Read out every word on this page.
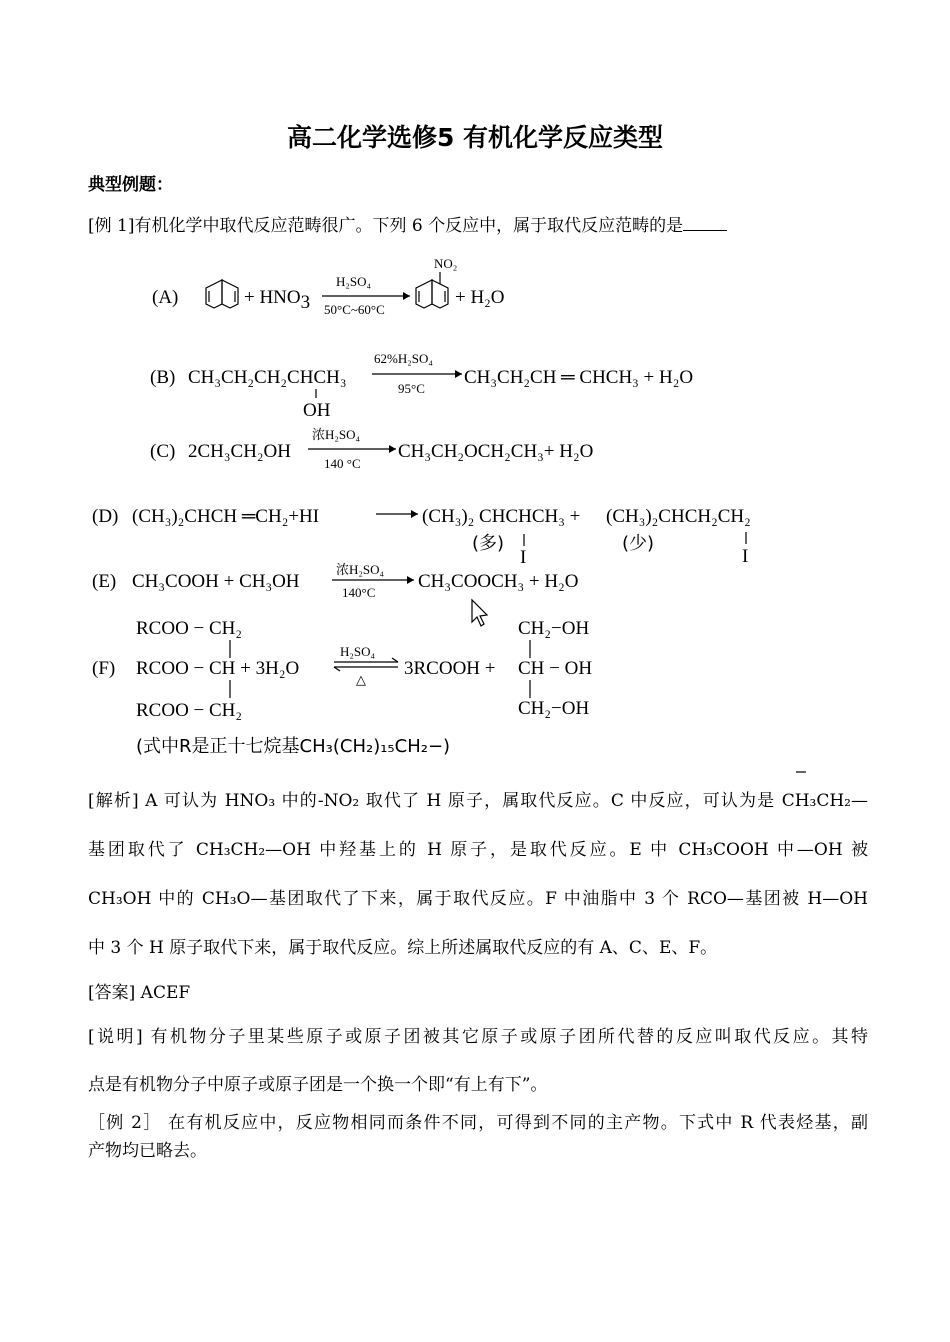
高二化学选修5 有机化学反应类型
典型例题：
[例 1]有机化学中取代反应范畴很广。下列 6 个反应中，属于取代反应范畴的是
(A)	+ HNO3
H₂SO₄
50°C~60°C
NO₂
+ H₂O
(B) CH₃CH₂CH₂CHCH₃
OH
62%H₂SO₄
95°C
CH₃CH₂CH ═ CHCH₃ + H₂O
(C) 2CH₃CH₂OH
浓H₂SO₄
140 °C
CH₃CH₂OCH₂CH₃+ H₂O
(D) (CH₃)₂CHCH ═CH₂+HI	(CH₃)₂ CHCHCH₃ + (CH₃)₂CHCH₂CH₂
(多)
I
(少)
I
(E) CH₃COOH + CH₃OH
浓H₂SO₄
140°C
CH₃COOCH₃ + H₂O
RCOO − CH₂
(F) RCOO − CH + 3H₂O
RCOO − CH₂
H₂SO₄
△
3RCOOH +
CH₂−OH
CH − OH
CH₂−OH
(式中R是正十七烷基CH₃(CH₂)₁₅CH₂−)
[解析] A 可认为 HNO₃ 中的-NO₂ 取代了 H 原子，属取代反应。C 中反应，可认为是 CH₃CH₂—
基团取代了 CH₃CH₂—OH 中羟基上的 H 原子，是取代反应。E 中 CH₃COOH 中—OH 被
CH₃OH 中的 CH₃O—基团取代了下来，属于取代反应。F 中油脂中 3 个 RCO—基团被 H—OH
中 3 个 H 原子取代下来，属于取代反应。综上所述属取代反应的有 A、C、E、F。
[答案] ACEF
[说明] 有机物分子里某些原子或原子团被其它原子或原子团所代替的反应叫取代反应。其特
点是有机物分子中原子或原子团是一个换一个即“有上有下”。
［例 2］ 在有机反应中，反应物相同而条件不同，可得到不同的主产物。下式中 R 代表烃基，副
产物均已略去。
